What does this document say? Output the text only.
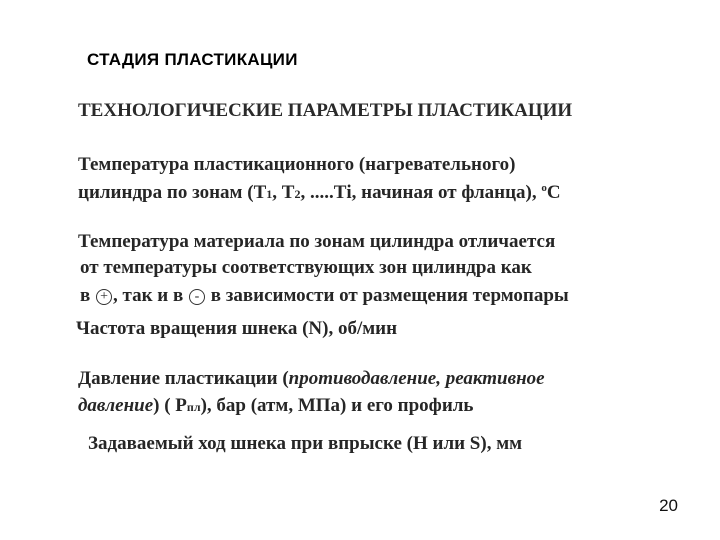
СТАДИЯ ПЛАСТИКАЦИИ
ТЕХНОЛОГИЧЕСКИЕ ПАРАМЕТРЫ ПЛАСТИКАЦИИ
Температура пластикационного (нагревательного)
цилиндра по зонам (Т1, Т2, .....Тi, начиная от фланца), $^o$С
Температура материала по зонам цилиндра отличается
от температуры соответствующих зон цилиндра как
в + , так и в - в зависимости от размещения термопары
Частота вращения шнека (N), об/мин
Давление пластикации (противодавление, реактивное
давление) ( Рпл), бар (атм, МПа) и его профиль
Задаваемый ход шнека при впрыске (Н или S), мм
20
